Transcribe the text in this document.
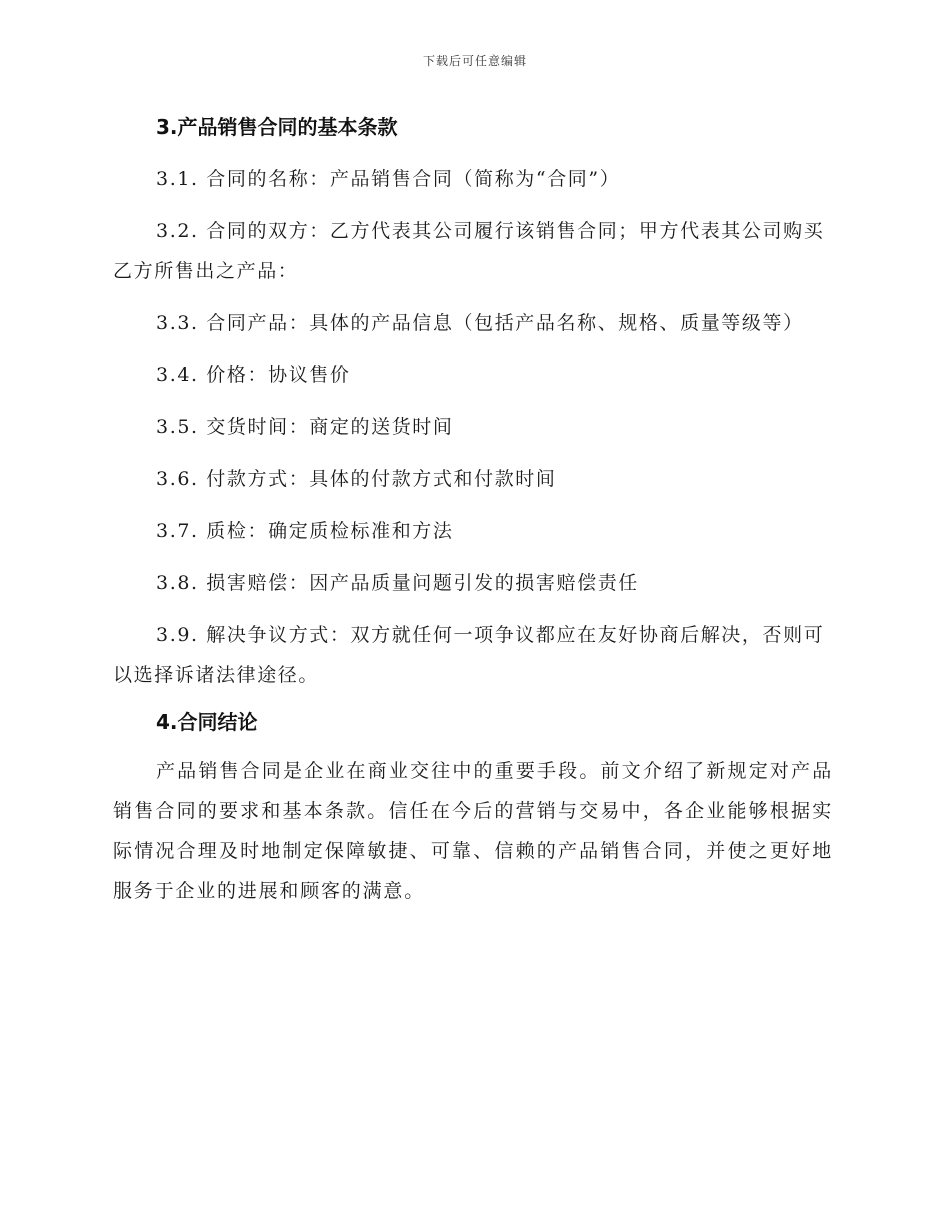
下载后可任意编辑
3.产品销售合同的基本条款

3.1. 合同的名称：产品销售合同（简称为“合同”）

3.2. 合同的双方：乙方代表其公司履行该销售合同；甲方代表其公司购买乙方所售出之产品：

3.3. 合同产品：具体的产品信息（包括产品名称、规格、质量等级等）

3.4. 价格：协议售价

3.5. 交货时间：商定的送货时间

3.6. 付款方式：具体的付款方式和付款时间

3.7. 质检：确定质检标准和方法

3.8. 损害赔偿：因产品质量问题引发的损害赔偿责任

3.9. 解决争议方式：双方就任何一项争议都应在友好协商后解决，否则可以选择诉诸法律途径。

4.合同结论

产品销售合同是企业在商业交往中的重要手段。前文介绍了新规定对产品销售合同的要求和基本条款。信任在今后的营销与交易中，各企业能够根据实际情况合理及时地制定保障敏捷、可靠、信赖的产品销售合同，并使之更好地服务于企业的进展和顾客的满意。
